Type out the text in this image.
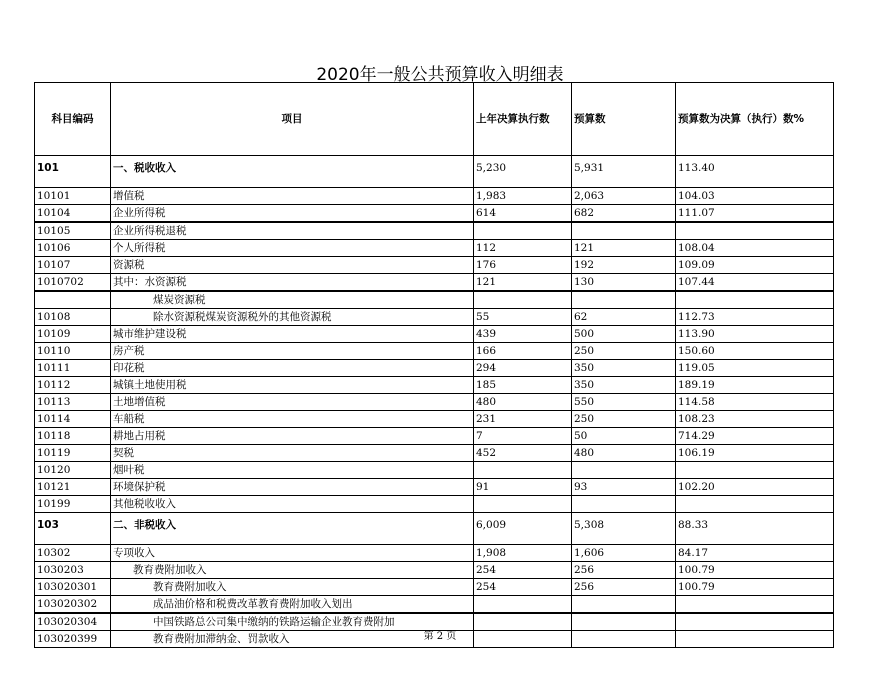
2020年一般公共预算收入明细表
科目编码	项目	上年决算执行数	预算数	预算数为决算（执行）数%
101	一、税收收入	5,230	5,931	113.40
10101	增值税	1,983	2,063	104.03
10104	企业所得税	614	682	111.07
10105	企业所得税退税			
10106	个人所得税	112	121	108.04
10107	资源税	176	192	109.09
1010702	其中：水资源税	121	130	107.44
	煤炭资源税			
10108	除水资源税煤炭资源税外的其他资源税	55	62	112.73
10109	城市维护建设税	439	500	113.90
10110	房产税	166	250	150.60
10111	印花税	294	350	119.05
10112	城镇土地使用税	185	350	189.19
10113	土地增值税	480	550	114.58
10114	车船税	231	250	108.23
10118	耕地占用税	7	50	714.29
10119	契税	452	480	106.19
10120	烟叶税			
10121	环境保护税	91	93	102.20
10199	其他税收收入			
103	二、非税收入	6,009	5,308	88.33
10302	专项收入	1,908	1,606	84.17
1030203	教育费附加收入	254	256	100.79
103020301	教育费附加收入	254	256	100.79
103020302	成品油价格和税费改革教育费附加收入划出			
103020304	中国铁路总公司集中缴纳的铁路运输企业教育费附加			
103020399	教育费附加滞纳金、罚款收入				第 2 页
